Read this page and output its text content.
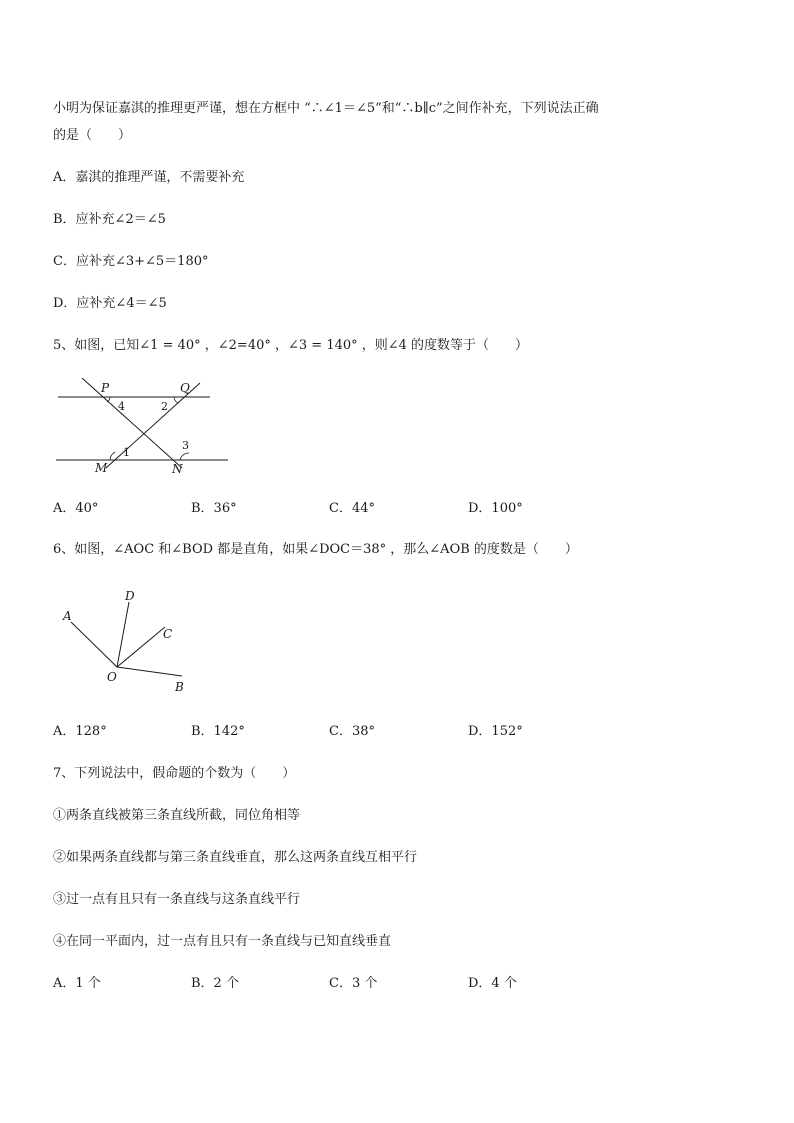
小明为保证嘉淇的推理更严谨，想在方框中 “∴∠1＝∠5”和“∴b∥c”之间作补充，下列说法正确
的是（　　）
A．嘉淇的推理严谨，不需要补充
B．应补充∠2＝∠5
C．应补充∠3+∠5＝180°
D．应补充∠4＝∠5
5、如图，已知∠1 = 40° ，∠2=40° ，∠3 = 140° ，则∠4 的度数等于（　　）
P	Q
M	N
1
2
3
4
A．40°	B．36°	C．44°	D．100°
6、如图，∠AOC 和∠BOD 都是直角，如果∠DOC＝38° ，那么∠AOB 的度数是（　　）
A
D
C
B
O
A．128°	B．142°	C．38°	D．152°
7、下列说法中，假命题的个数为（　　）
①两条直线被第三条直线所截，同位角相等
②如果两条直线都与第三条直线垂直，那么这两条直线互相平行
③过一点有且只有一条直线与这条直线平行
④在同一平面内，过一点有且只有一条直线与已知直线垂直
A．1 个	B．2 个	C．3 个	D．4 个
